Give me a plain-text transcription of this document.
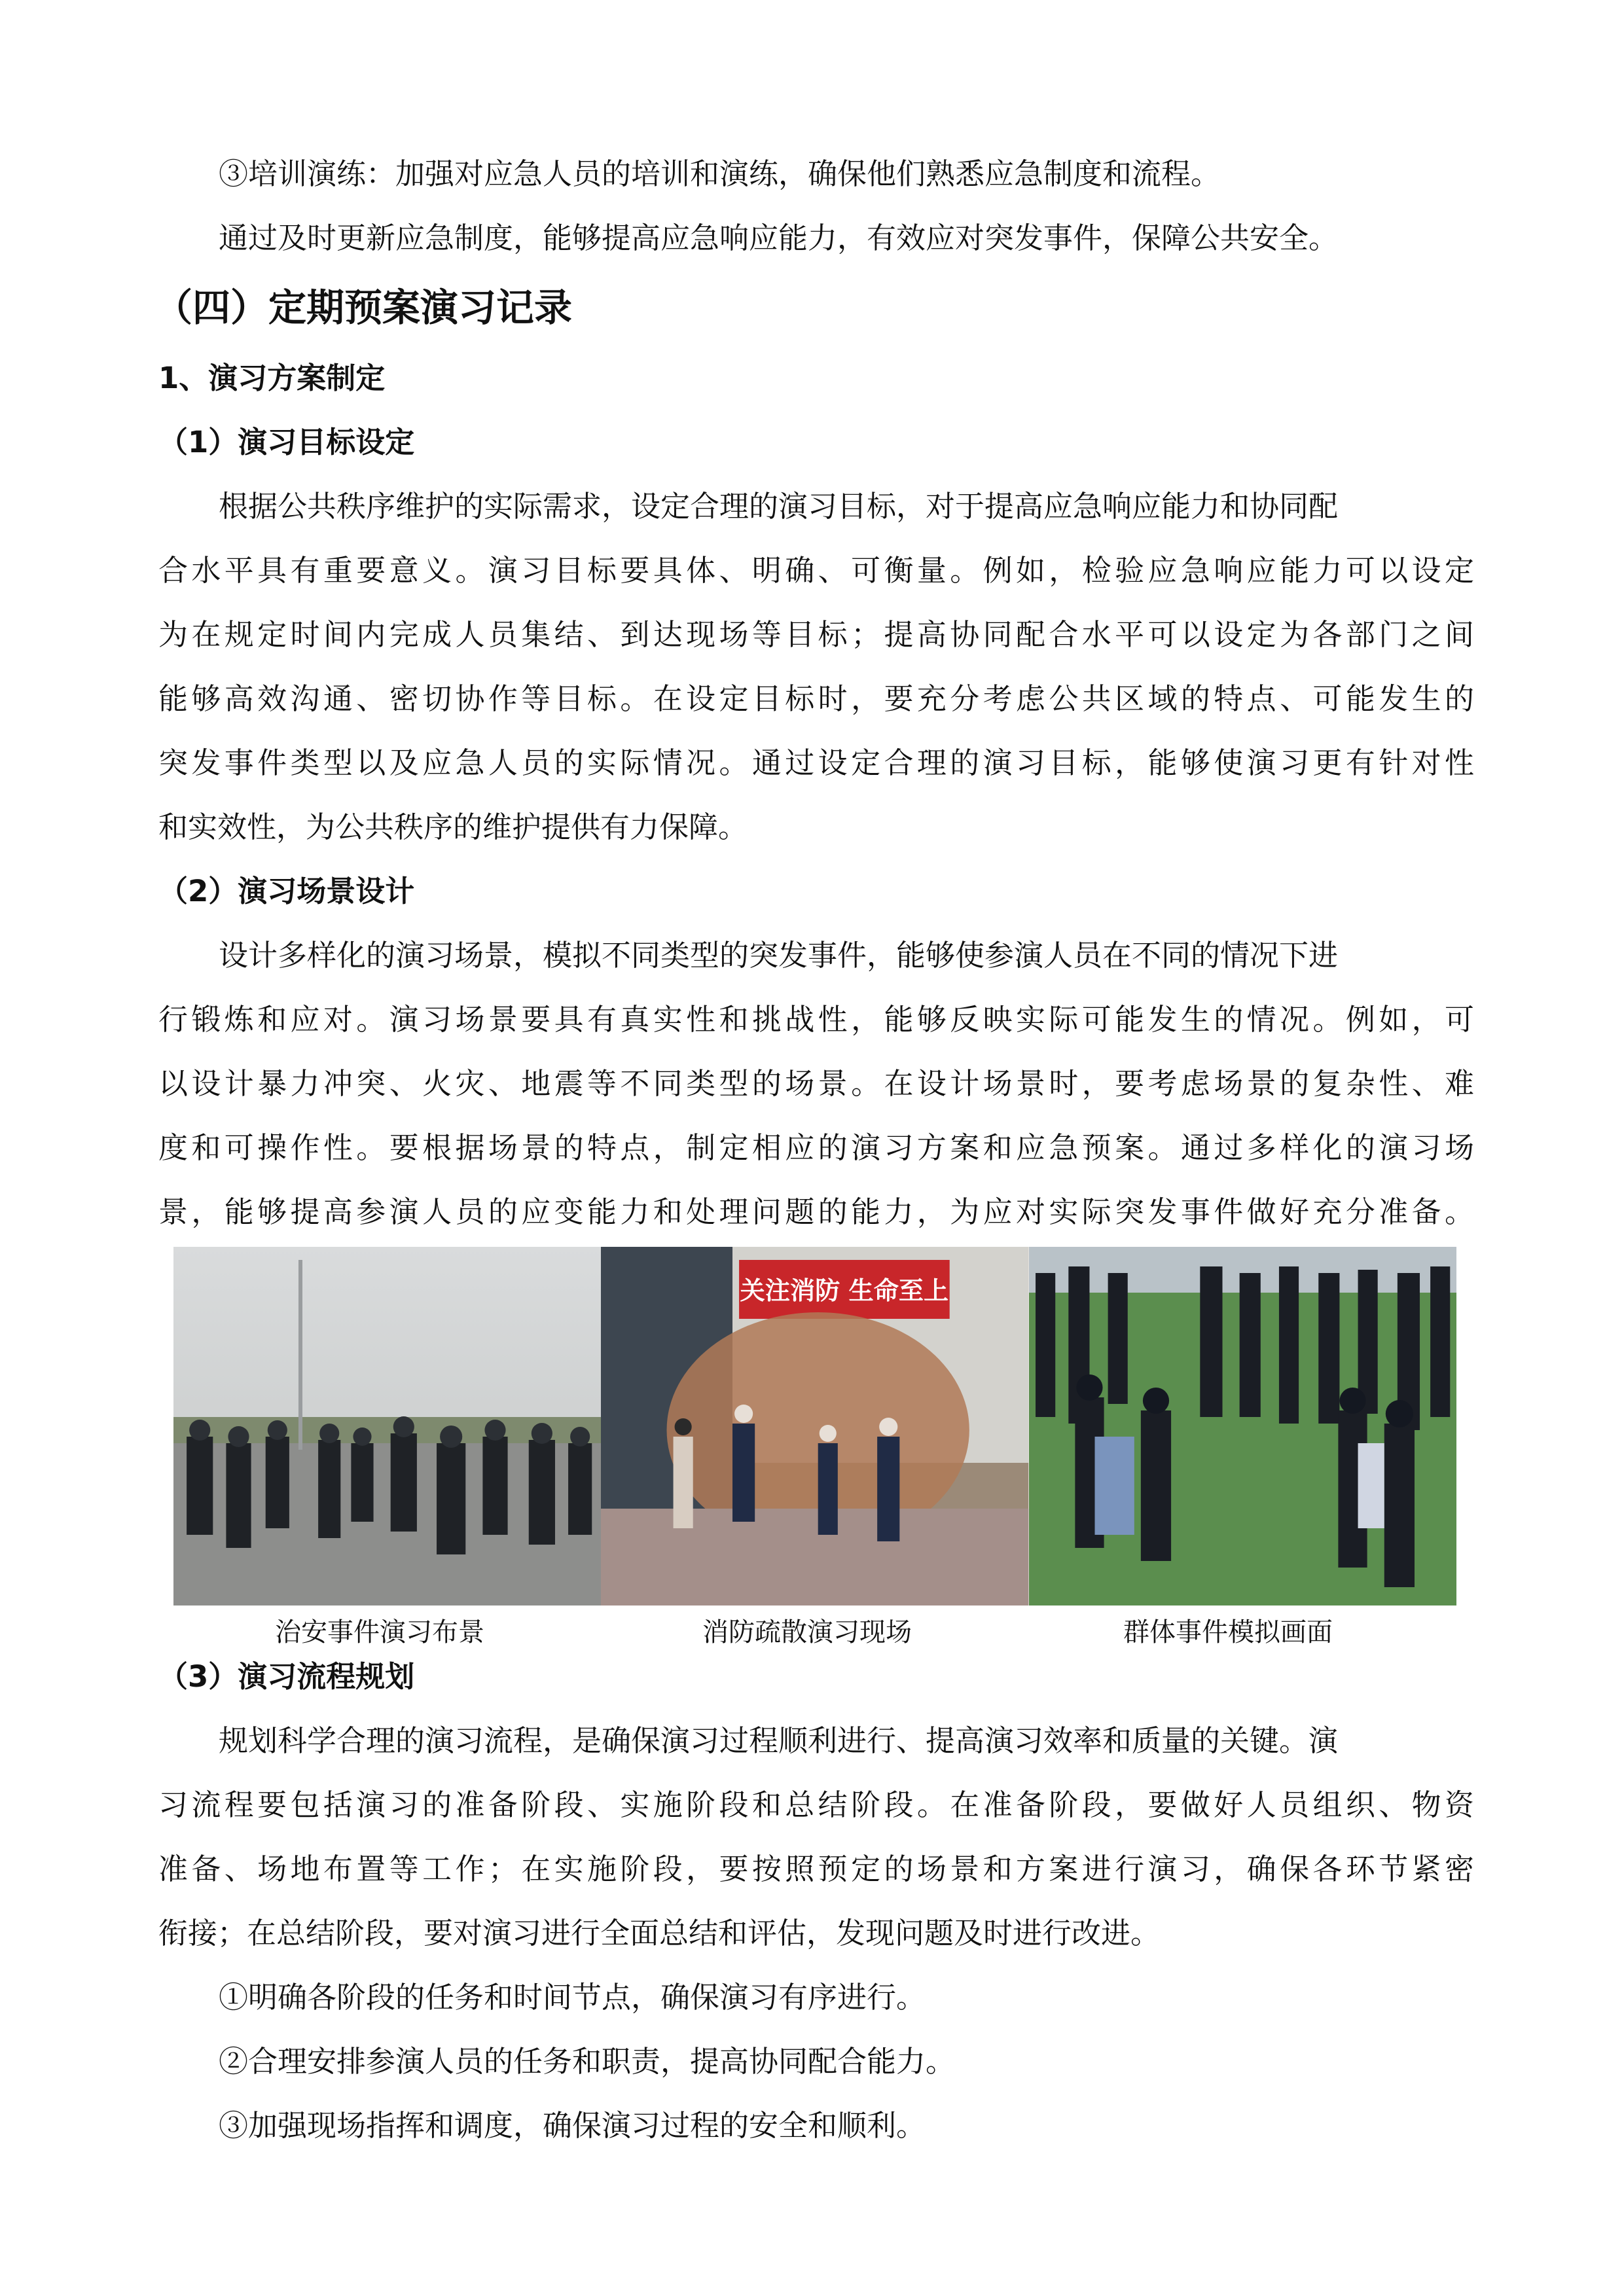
③培训演练：加强对应急人员的培训和演练，确保他们熟悉应急制度和流程。
通过及时更新应急制度，能够提高应急响应能力，有效应对突发事件，保障公共安全。
（四）定期预案演习记录
1、演习方案制定
（1）演习目标设定
根据公共秩序维护的实际需求，设定合理的演习目标，对于提高应急响应能力和协同配
合水平具有重要意义。演习目标要具体、明确、可衡量。例如，检验应急响应能力可以设定
为在规定时间内完成人员集结、到达现场等目标；提高协同配合水平可以设定为各部门之间
能够高效沟通、密切协作等目标。在设定目标时，要充分考虑公共区域的特点、可能发生的
突发事件类型以及应急人员的实际情况。通过设定合理的演习目标，能够使演习更有针对性
和实效性，为公共秩序的维护提供有力保障。
（2）演习场景设计
设计多样化的演习场景，模拟不同类型的突发事件，能够使参演人员在不同的情况下进
行锻炼和应对。演习场景要具有真实性和挑战性，能够反映实际可能发生的情况。例如，可
以设计暴力冲突、火灾、地震等不同类型的场景。在设计场景时，要考虑场景的复杂性、难
度和可操作性。要根据场景的特点，制定相应的演习方案和应急预案。通过多样化的演习场
景，能够提高参演人员的应变能力和处理问题的能力，为应对实际突发事件做好充分准备。
关注消防 生命至上
治安事件演习布景	消防疏散演习现场	群体事件模拟画面
（3）演习流程规划
规划科学合理的演习流程，是确保演习过程顺利进行、提高演习效率和质量的关键。演
习流程要包括演习的准备阶段、实施阶段和总结阶段。在准备阶段，要做好人员组织、物资
准备、场地布置等工作；在实施阶段，要按照预定的场景和方案进行演习，确保各环节紧密
衔接；在总结阶段，要对演习进行全面总结和评估，发现问题及时进行改进。
①明确各阶段的任务和时间节点，确保演习有序进行。
②合理安排参演人员的任务和职责，提高协同配合能力。
③加强现场指挥和调度，确保演习过程的安全和顺利。
